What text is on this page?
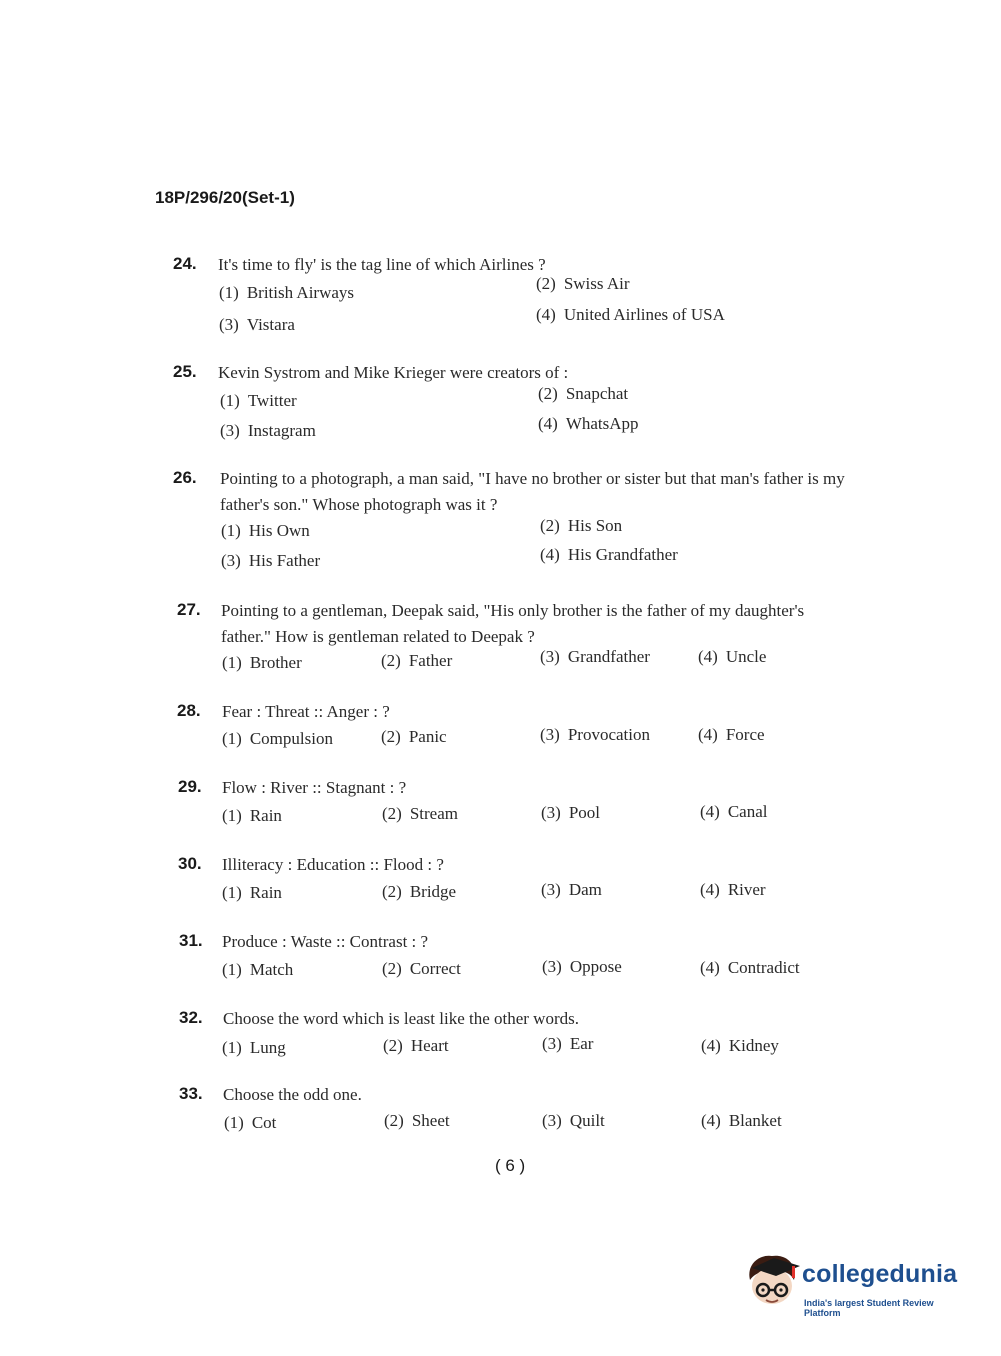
18P/296/20(Set-1)
24. It's time to fly' is the tag line of which Airlines ?
(1) British Airways	(2) Swiss Air
(3) Vistara
(4) United Airlines of USA
25. Kevin Systrom and Mike Krieger were creators of :
(1) Twitter	(2) Snapchat
(3) Instagram	(4) WhatsApp
26. Pointing to a photograph, a man said, "I have no brother or sister but that man's father is my father's son." Whose photograph was it ?
(1) His Own	(2) His Son
(3) His Father	(4) His Grandfather
27. Pointing to a gentleman, Deepak said, "His only brother is the father of my daughter's father." How is gentleman related to Deepak ?
(1) Brother	(2) Father	(3) Grandfather	(4) Uncle
28. Fear : Threat :: Anger : ?
(1) Compulsion	(2) Panic	(3) Provocation	(4) Force
29. Flow : River :: Stagnant : ?
(1) Rain	(2) Stream	(3) Pool	(4) Canal
30. Illiteracy : Education :: Flood : ?
(1) Rain	(2) Bridge	(3) Dam	(4) River
31. Produce : Waste :: Contrast : ?
(1) Match	(2) Correct	(3) Oppose	(4) Contradict
32. Choose the word which is least like the other words.
(1) Lung	(2) Heart	(3) Ear	(4) Kidney
33. Choose the odd one.
(1) Cot	(2) Sheet	(3) Quilt	(4) Blanket
( 6 )
collegedunia
India's largest Student Review Platform
